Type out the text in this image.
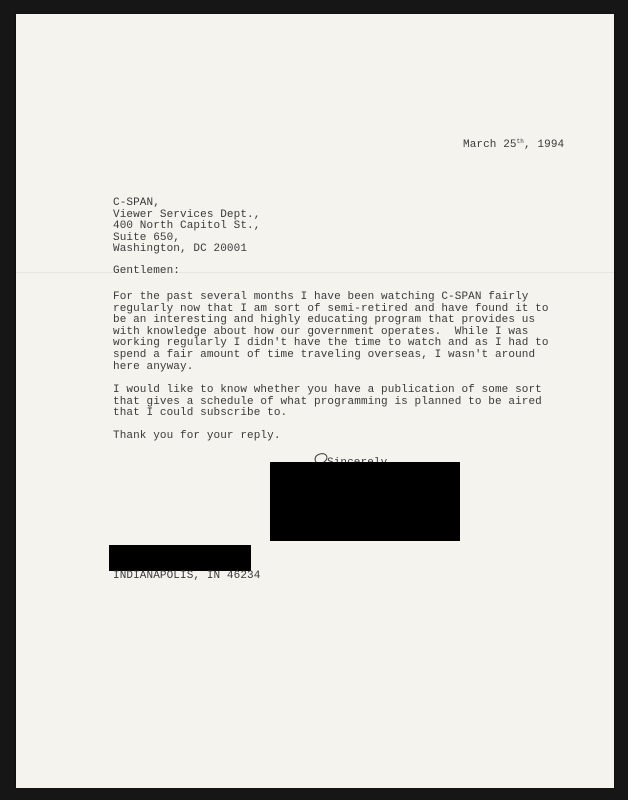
March 25th, 1994
C-SPAN,
Viewer Services Dept.,
400 North Capitol St.,
Suite 650,
Washington, DC 20001
Gentlemen:
For the past several months I have been watching C-SPAN fairly
regularly now that I am sort of semi-retired and have found it to
be an interesting and highly educating program that provides us
with knowledge about how our government operates.  While I was
working regularly I didn't have the time to watch and as I had to
spend a fair amount of time traveling overseas, I wasn't around
here anyway.
I would like to know whether you have a publication of some sort
that gives a schedule of what programming is planned to be aired
that I could subscribe to.
Thank you for your reply.
INDIANAPOLIS, IN 46234
